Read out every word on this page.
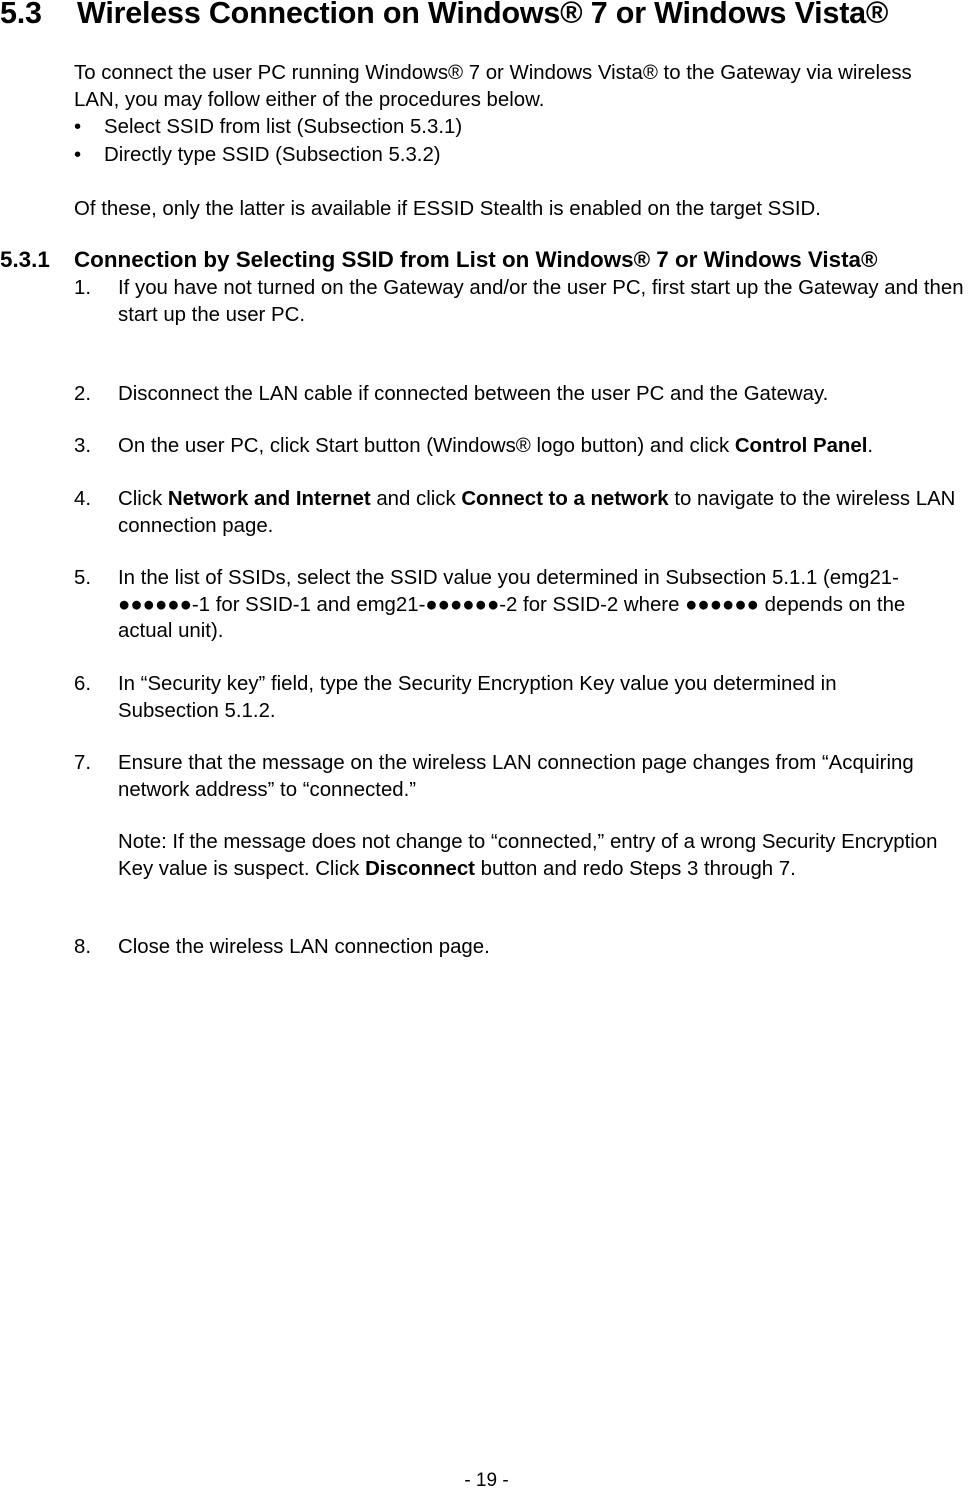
5.3 Wireless Connection on Windows® 7 or Windows Vista®
To connect the user PC running Windows® 7 or Windows Vista® to the Gateway via wireless LAN, you may follow either of the procedures below.
• Select SSID from list (Subsection 5.3.1)
• Directly type SSID (Subsection 5.3.2)
Of these, only the latter is available if ESSID Stealth is enabled on the target SSID.
5.3.1 Connection by Selecting SSID from List on Windows® 7 or Windows Vista®
1. If you have not turned on the Gateway and/or the user PC, first start up the Gateway and then start up the user PC.
2. Disconnect the LAN cable if connected between the user PC and the Gateway.
3. On the user PC, click Start button (Windows® logo button) and click Control Panel.
4. Click Network and Internet and click Connect to a network to navigate to the wireless LAN connection page.
5. In the list of SSIDs, select the SSID value you determined in Subsection 5.1.1 (emg21-●●●●●●-1 for SSID-1 and emg21-●●●●●●-2 for SSID-2 where ●●●●●● depends on the actual unit).
6. In “Security key” field, type the Security Encryption Key value you determined in Subsection 5.1.2.
7. Ensure that the message on the wireless LAN connection page changes from “Acquiring network address” to “connected.”
Note: If the message does not change to “connected,” entry of a wrong Security Encryption Key value is suspect. Click Disconnect button and redo Steps 3 through 7.
8. Close the wireless LAN connection page.
- 19 -
